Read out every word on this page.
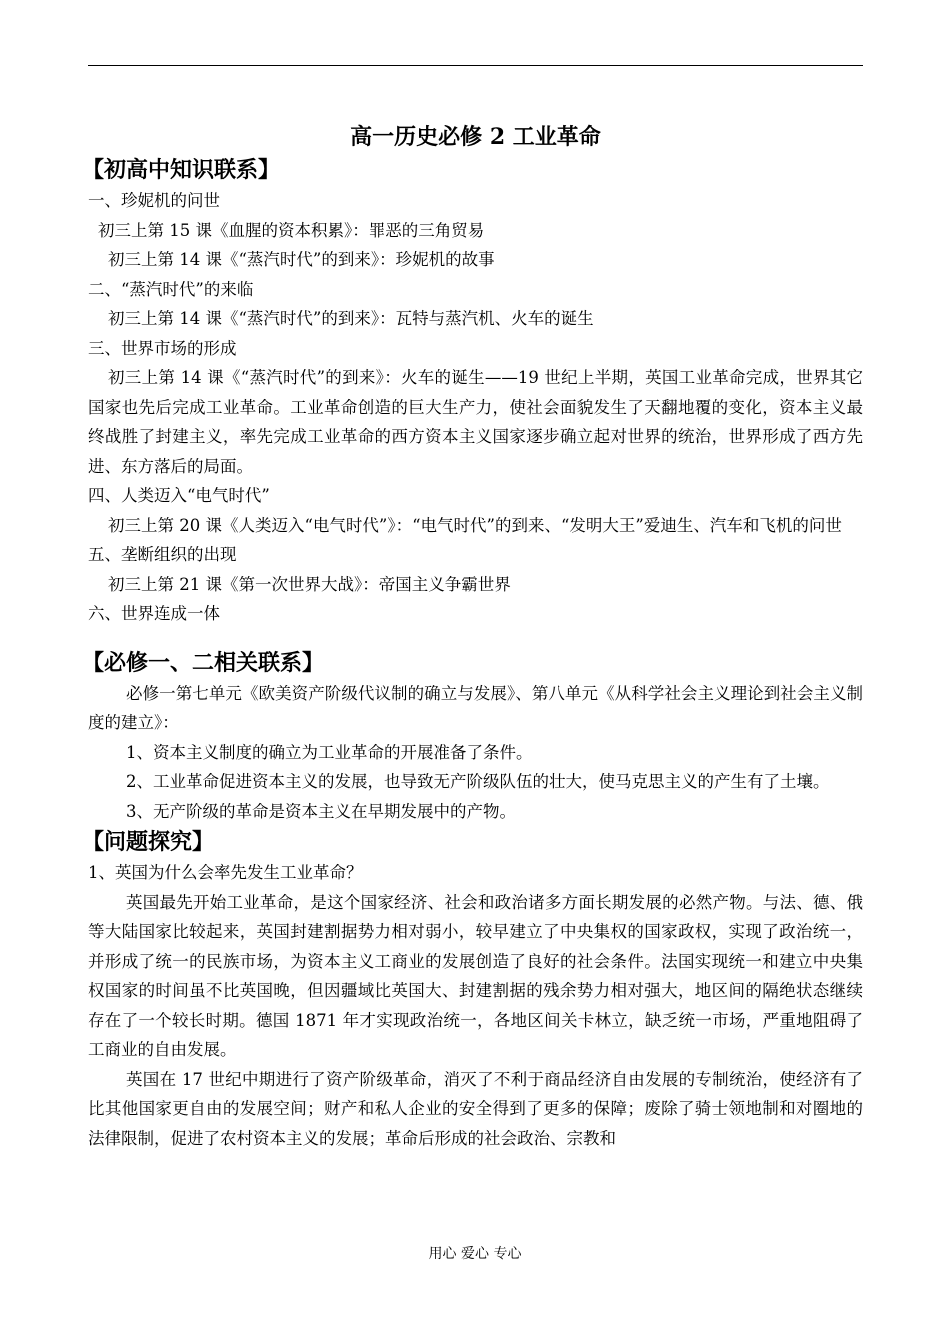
高一历史必修 2 工业革命
【初高中知识联系】
一、珍妮机的问世
初三上第 15 课《血腥的资本积累》：罪恶的三角贸易
初三上第 14 课《“蒸汽时代”的到来》：珍妮机的故事
二、“蒸汽时代”的来临
初三上第 14 课《“蒸汽时代”的到来》：瓦特与蒸汽机、火车的诞生
三、世界市场的形成
初三上第 14 课《“蒸汽时代”的到来》：火车的诞生——19 世纪上半期，英国工业革命完成，世界其它国家也先后完成工业革命。工业革命创造的巨大生产力，使社会面貌发生了天翻地覆的变化，资本主义最终战胜了封建主义，率先完成工业革命的西方资本主义国家逐步确立起对世界的统治，世界形成了西方先进、东方落后的局面。
四、人类迈入“电气时代”
初三上第 20 课《人类迈入“电气时代”》：“电气时代”的到来、“发明大王”爱迪生、汽车和飞机的问世
五、垄断组织的出现
初三上第 21 课《第一次世界大战》：帝国主义争霸世界
六、世界连成一体
【必修一、二相关联系】
必修一第七单元《欧美资产阶级代议制的确立与发展》、第八单元《从科学社会主义理论到社会主义制度的建立》：
1、资本主义制度的确立为工业革命的开展准备了条件。
2、工业革命促进资本主义的发展，也导致无产阶级队伍的壮大，使马克思主义的产生有了土壤。
3、无产阶级的革命是资本主义在早期发展中的产物。
【问题探究】
1、英国为什么会率先发生工业革命？
英国最先开始工业革命，是这个国家经济、社会和政治诸多方面长期发展的必然产物。与法、德、俄等大陆国家比较起来，英国封建割据势力相对弱小，较早建立了中央集权的国家政权，实现了政治统一，并形成了统一的民族市场，为资本主义工商业的发展创造了良好的社会条件。法国实现统一和建立中央集权国家的时间虽不比英国晚，但因疆域比英国大、封建割据的残余势力相对强大，地区间的隔绝状态继续存在了一个较长时期。德国 1871 年才实现政治统一，各地区间关卡林立，缺乏统一市场，严重地阻碍了工商业的自由发展。
英国在 17 世纪中期进行了资产阶级革命，消灭了不利于商品经济自由发展的专制统治，使经济有了比其他国家更自由的发展空间；财产和私人企业的安全得到了更多的保障；废除了骑士领地制和对圈地的法律限制，促进了农村资本主义的发展；革命后形成的社会政治、宗教和
用心 爱心 专心
